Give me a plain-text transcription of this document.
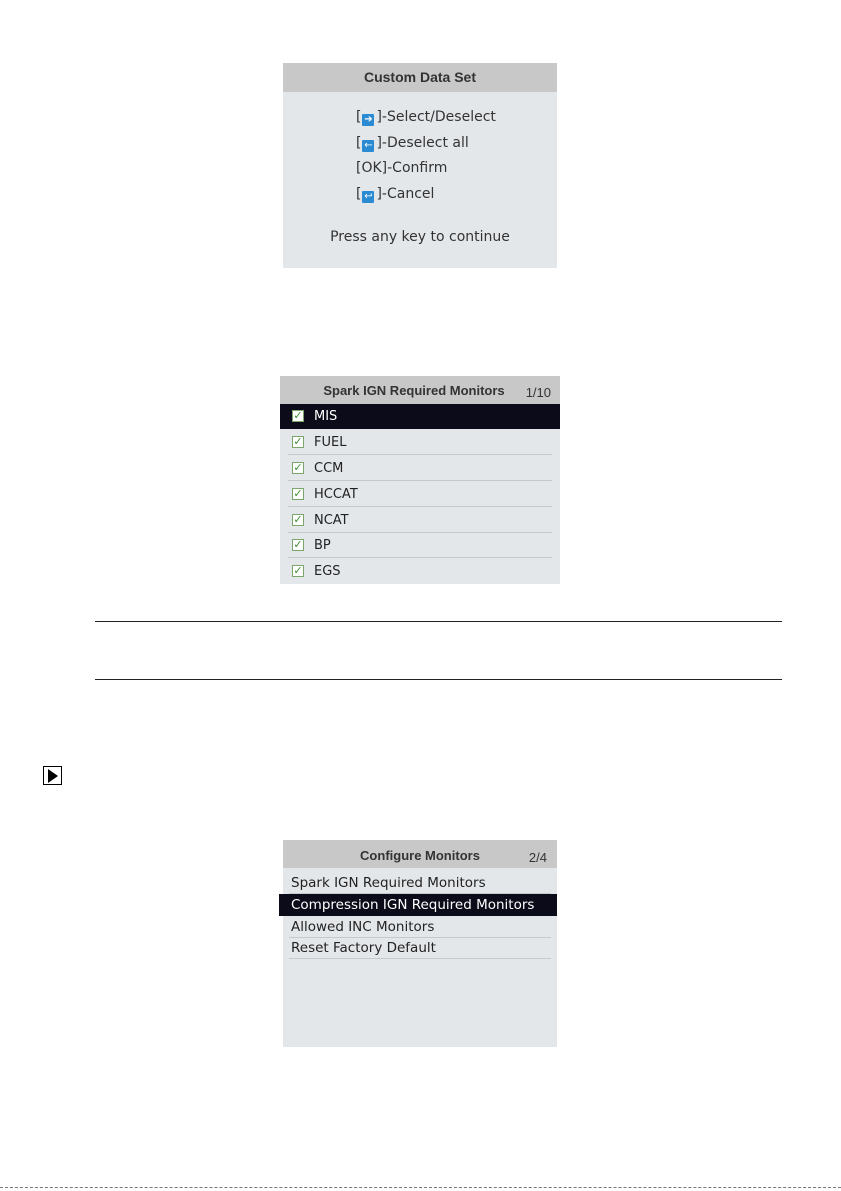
Custom Data Set
[ ➔ ]-Select/Deselect
[ ← ]-Deselect all
[OK]-Confirm
[ ↩ ]-Cancel
Press any key to continue
Spark IGN Required Monitors	1/10
✓ MIS
✓ FUEL
✓ CCM
✓ HCCAT
✓ NCAT
✓ BP
✓ EGS
Configure Monitors	2/4
Spark IGN Required Monitors
Compression IGN Required Monitors
Allowed INC Monitors
Reset Factory Default
